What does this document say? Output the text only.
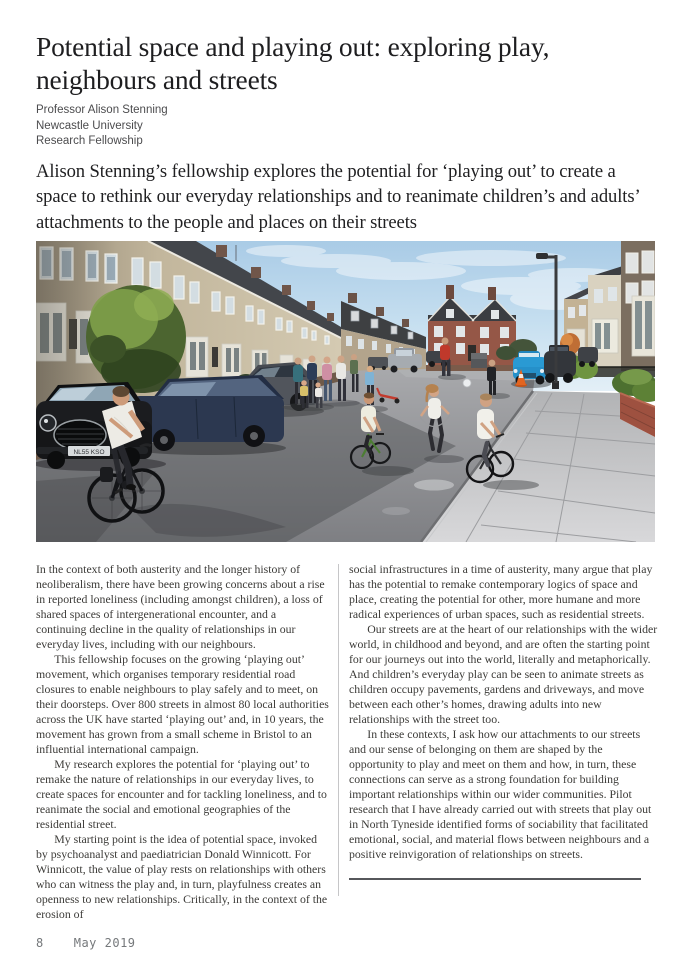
Potential space and playing out: exploring play, neighbours and streets
Professor Alison Stenning
Newcastle University
Research Fellowship

Alison Stenning’s fellowship explores the potential for ‘playing out’ to create a space to rethink our everyday relationships and to reanimate children’s and adults’ attachments to the people and places on their streets

NL55 KSO

In the context of both austerity and the longer history of neoliberalism, there have been growing concerns about a rise in reported loneliness (including amongst children), a loss of shared spaces of intergenerational encounter, and a continuing decline in the quality of relationships in our everyday lives, including with our neighbours.

This fellowship focuses on the growing ‘playing out’ movement, which organises temporary residential road closures to enable neighbours to play safely and to meet, on their doorsteps. Over 800 streets in almost 80 local authorities across the UK have started ‘playing out’ and, in 10 years, the movement has grown from a small scheme in Bristol to an influential international campaign.

My research explores the potential for ‘playing out’ to remake the nature of relationships in our everyday lives, to create spaces for encounter and for tackling loneliness, and to reanimate the social and emotional geographies of the residential street.

My starting point is the idea of potential space, invoked by psychoanalyst and paediatrician Donald Winnicott. For Winnicott, the value of play rests on relationships with others who can witness the play and, in turn, playfulness creates an openness to new relationships. Critically, in the context of the erosion of

social infrastructures in a time of austerity, many argue that play has the potential to remake contemporary logics of space and place, creating the potential for other, more humane and more radical experiences of urban spaces, such as residential streets.

Our streets are at the heart of our relationships with the wider world, in childhood and beyond, and are often the starting point for our journeys out into the world, literally and metaphorically. And children’s everyday play can be seen to animate streets as children occupy pavements, gardens and driveways, and move between each other’s homes, drawing adults into new relationships with the street too.

In these contexts, I ask how our attachments to our streets and our sense of belonging on them are shaped by the opportunity to play and meet on them and how, in turn, these connections can serve as a strong foundation for building important relationships within our wider communities. Pilot research that I have already carried out with streets that play out in North Tyneside identified forms of sociability that facilitated emotional, social, and material flows between neighbours and a positive reinvigoration of relationships on streets.

8	May 2019
